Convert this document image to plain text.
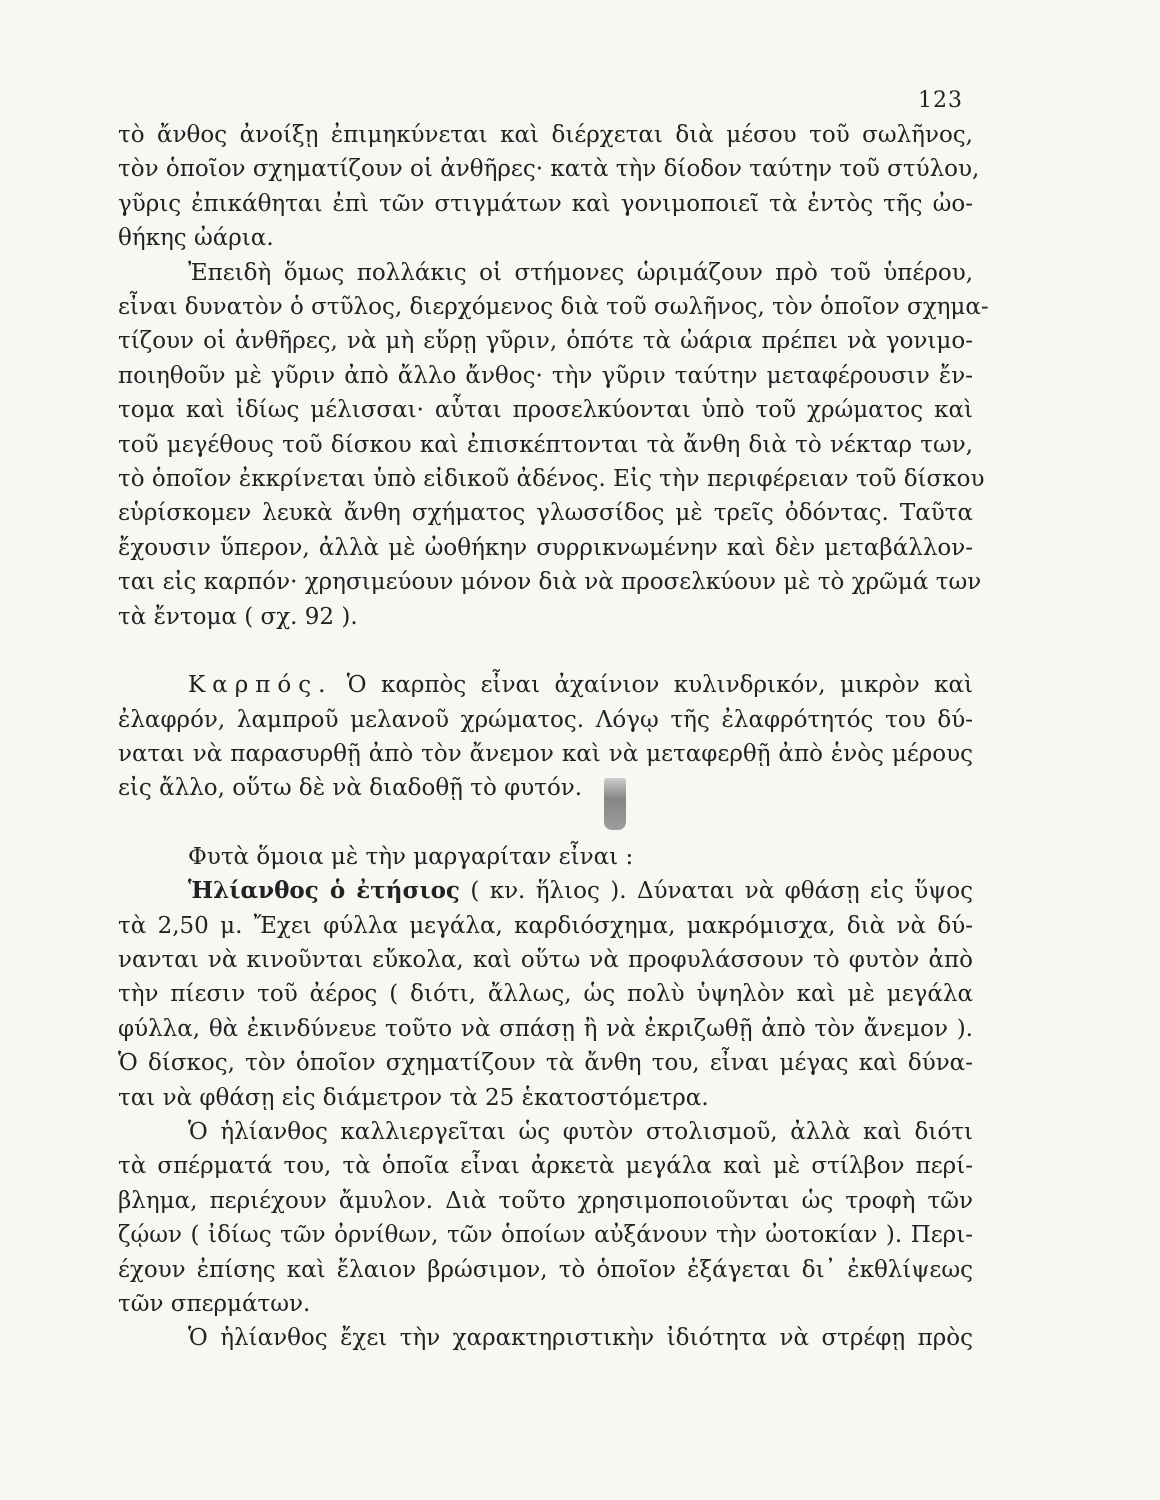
123
τὸ ἄνθος ἀνοίξῃ ἐπιμηκύνεται καὶ διέρχεται διὰ μέσου τοῦ σωλῆνος,
τὸν ὁποῖον σχηματίζουν οἱ ἀνθῆρες· κατὰ τὴν δίοδον ταύτην τοῦ στύλου,
γῦρις ἐπικάθηται ἐπὶ τῶν στιγμάτων καὶ γονιμοποιεῖ τὰ ἐντὸς τῆς ὠο-
θήκης ὠάρια.
Ἐπειδὴ ὅμως πολλάκις οἱ στήμονες ὡριμάζουν πρὸ τοῦ ὑπέρου,
εἶναι δυνατὸν ὁ στῦλος, διερχόμενος διὰ τοῦ σωλῆνος, τὸν ὁποῖον σχημα-
τίζουν οἱ ἀνθῆρες, νὰ μὴ εὕρῃ γῦριν, ὁπότε τὰ ὠάρια πρέπει νὰ γονιμο-
ποιηθοῦν μὲ γῦριν ἀπὸ ἄλλο ἄνθος· τὴν γῦριν ταύτην μεταφέρουσιν ἔν-
τομα καὶ ἰδίως μέλισσαι· αὗται προσελκύονται ὑπὸ τοῦ χρώματος καὶ
τοῦ μεγέθους τοῦ δίσκου καὶ ἐπισκέπτονται τὰ ἄνθη διὰ τὸ νέκταρ των,
τὸ ὁποῖον ἐκκρίνεται ὑπὸ εἰδικοῦ ἀδένος. Εἰς τὴν περιφέρειαν τοῦ δίσκου
εὑρίσκομεν λευκὰ ἄνθη σχήματος γλωσσίδος μὲ τρεῖς ὀδόντας. Ταῦτα
ἔχουσιν ὕπερον, ἀλλὰ μὲ ὠοθήκην συρρικνωμένην καὶ δὲν μεταβάλλον-
ται εἰς καρπόν· χρησιμεύουν μόνον διὰ νὰ προσελκύουν μὲ τὸ χρῶμά των
τὰ ἔντομα ( σχ. 92 ).
Καρπός. Ὁ καρπὸς εἶναι ἀχαίνιον κυλινδρικόν, μικρὸν καὶ
ἐλαφρόν, λαμπροῦ μελανοῦ χρώματος. Λόγῳ τῆς ἐλαφρότητός του δύ-
ναται νὰ παρασυρθῇ ἀπὸ τὸν ἄνεμον καὶ νὰ μεταφερθῇ ἀπὸ ἑνὸς μέρους
εἰς ἄλλο, οὕτω δὲ νὰ διαδοθῇ τὸ φυτόν.
Φυτὰ ὅμοια μὲ τὴν μαργαρίταν εἶναι :
Ἡλίανθος ὁ ἐτήσιος ( κν. ἥλιος ). Δύναται νὰ φθάσῃ εἰς ὕψος
τὰ 2,50 μ. Ἔχει φύλλα μεγάλα, καρδιόσχημα, μακρόμισχα, διὰ νὰ δύ-
νανται νὰ κινοῦνται εὔκολα, καὶ οὕτω νὰ προφυλάσσουν τὸ φυτὸν ἀπὸ
τὴν πίεσιν τοῦ ἀέρος ( διότι, ἄλλως, ὡς πολὺ ὑψηλὸν καὶ μὲ μεγάλα
φύλλα, θὰ ἐκινδύνευε τοῦτο νὰ σπάσῃ ἢ νὰ ἐκριζωθῇ ἀπὸ τὸν ἄνεμον ).
Ὁ δίσκος, τὸν ὁποῖον σχηματίζουν τὰ ἄνθη του, εἶναι μέγας καὶ δύνα-
ται νὰ φθάσῃ εἰς διάμετρον τὰ 25 ἑκατοστόμετρα.
Ὁ ἡλίανθος καλλιεργεῖται ὡς φυτὸν στολισμοῦ, ἀλλὰ καὶ διότι
τὰ σπέρματά του, τὰ ὁποῖα εἶναι ἀρκετὰ μεγάλα καὶ μὲ στίλβον περί-
βλημα, περιέχουν ἄμυλον. Διὰ τοῦτο χρησιμοποιοῦνται ὡς τροφὴ τῶν
ζῴων ( ἰδίως τῶν ὀρνίθων, τῶν ὁποίων αὐξάνουν τὴν ὠοτοκίαν ). Περι-
έχουν ἐπίσης καὶ ἔλαιον βρώσιμον, τὸ ὁποῖον ἐξάγεται δι᾿ ἐκθλίψεως
τῶν σπερμάτων.
Ὁ ἡλίανθος ἔχει τὴν χαρακτηριστικὴν ἰδιότητα νὰ στρέφῃ πρὸς
